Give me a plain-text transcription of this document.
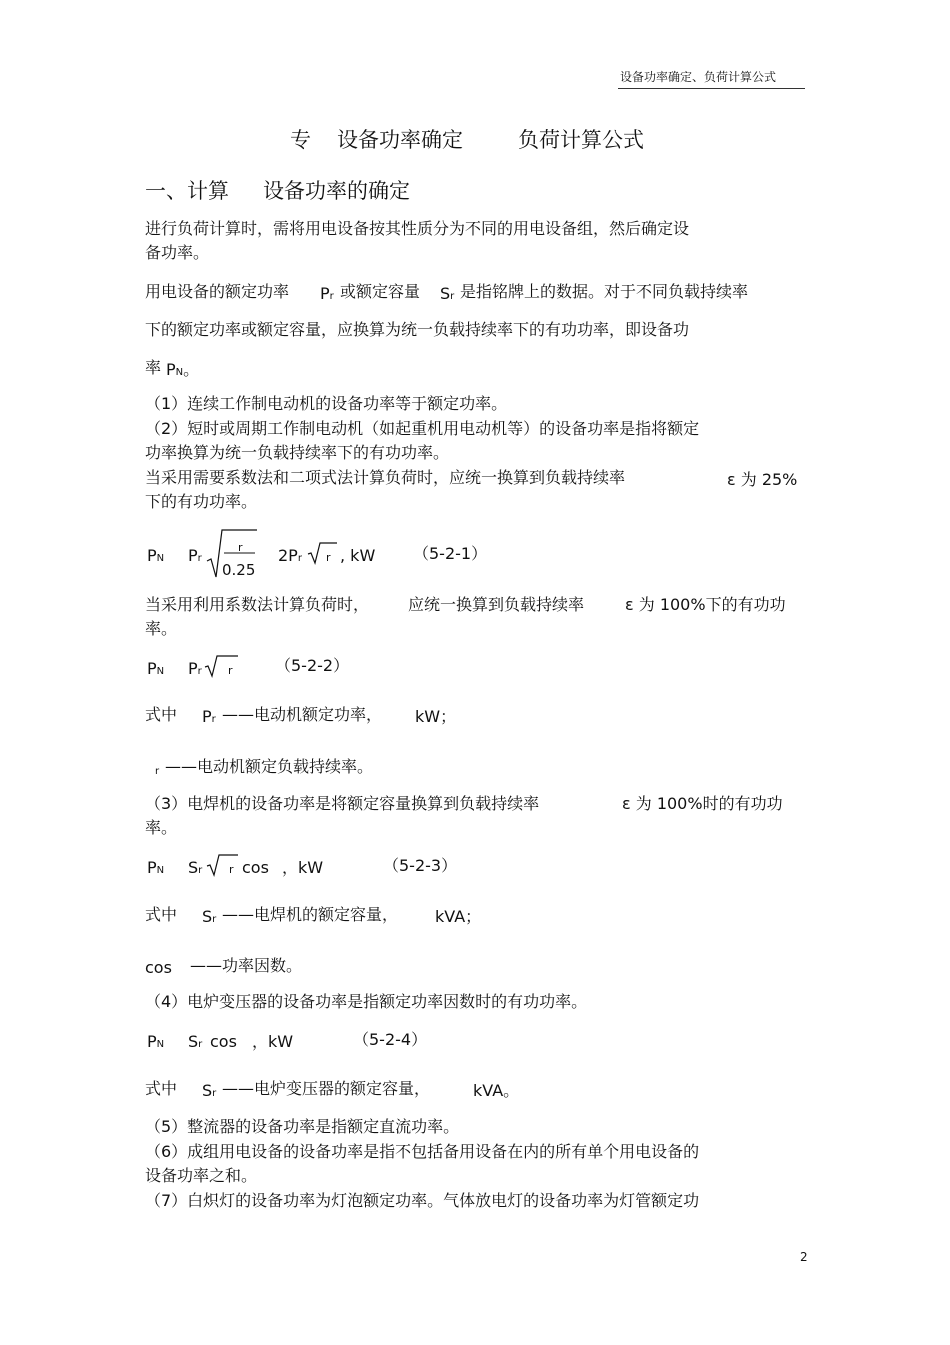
设备功率确定、负荷计算公式
专 设备功率确定	负荷计算公式
一、计算 设备功率的确定
进行负荷计算时，需将用电设备按其性质分为不同的用电设备组，然后确定设
备功率。
用电设备的额定功率 Pr 或额定容量 Sr 是指铭牌上的数据。对于不同负载持续率
下的额定功率或额定容量，应换算为统一负载持续率下的有功功率，即设备功
率 PN。
（1）连续工作制电动机的设备功率等于额定功率。
（2）短时或周期工作制电动机（如起重机用电动机等）的设备功率是指将额定
功率换算为统一负载持续率下的有功功率。
当采用需要系数法和二项式法计算负荷时，应统一换算到负载持续率	ε 为 25%
下的有功功率。
PN Pr
r
0.25
2Pr r , kW （5-2-1）
当采用利用系数法计算负荷时， 应统一换算到负载持续率	ε 为 100%下的有功功
率。
PN Pr r	（5-2-2）
式中 Pr ——电动机额定功率， kW；
r ——电动机额定负载持续率。
（3）电焊机的设备功率是将额定容量换算到负载持续率	ε 为 100%时的有功功
率。
PN Sr r cos ，kW	（5-2-3）
式中 Sr ——电焊机的额定容量， kVA；
cos ——功率因数。
（4）电炉变压器的设备功率是指额定功率因数时的有功功率。
PN Sr cos ，kW	（5-2-4）
式中 Sr ——电炉变压器的额定容量，	kVA。
（5）整流器的设备功率是指额定直流功率。
（6）成组用电设备的设备功率是指不包括备用设备在内的所有单个用电设备的
设备功率之和。
（7）白炽灯的设备功率为灯泡额定功率。气体放电灯的设备功率为灯管额定功
2
